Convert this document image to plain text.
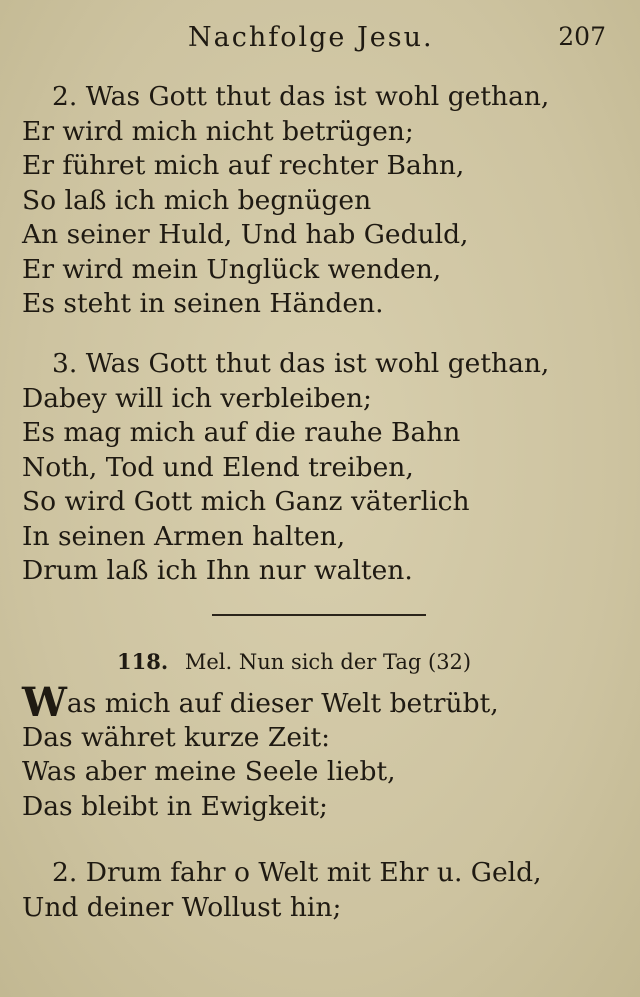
Nachfolge Jesu.	207
2. Was Gott thut das ist wohl gethan,
Er wird mich nicht betrügen;
Er führet mich auf rechter Bahn,
So laß ich mich begnügen
An seiner Huld, Und hab Geduld,
Er wird mein Unglück wenden,
Es steht in seinen Händen.
3. Was Gott thut das ist wohl gethan,
Dabey will ich verbleiben;
Es mag mich auf die rauhe Bahn
Noth, Tod und Elend treiben,
So wird Gott mich Ganz väterlich
In seinen Armen halten,
Drum laß ich Ihn nur walten.
118. Mel. Nun sich der Tag (32)
Was mich auf dieser Welt betrübt,
Das währet kurze Zeit:
Was aber meine Seele liebt,
Das bleibt in Ewigkeit;
2. Drum fahr o Welt mit Ehr u. Geld,
Und deiner Wollust hin;
